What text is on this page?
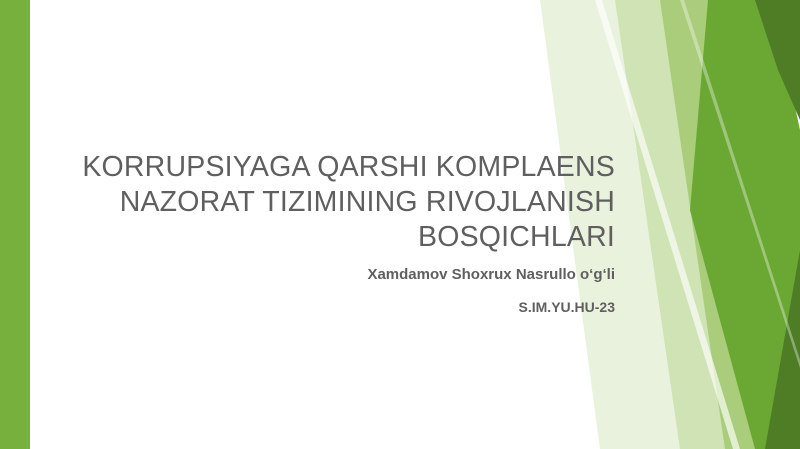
KORRUPSIYAGA QARSHI KOMPLAENS NAZORAT TIZIMINING RIVOJLANISH BOSQICHLARI

Xamdamov Shoxrux Nasrullo o‘g‘li

S.IM.YU.HU-23
